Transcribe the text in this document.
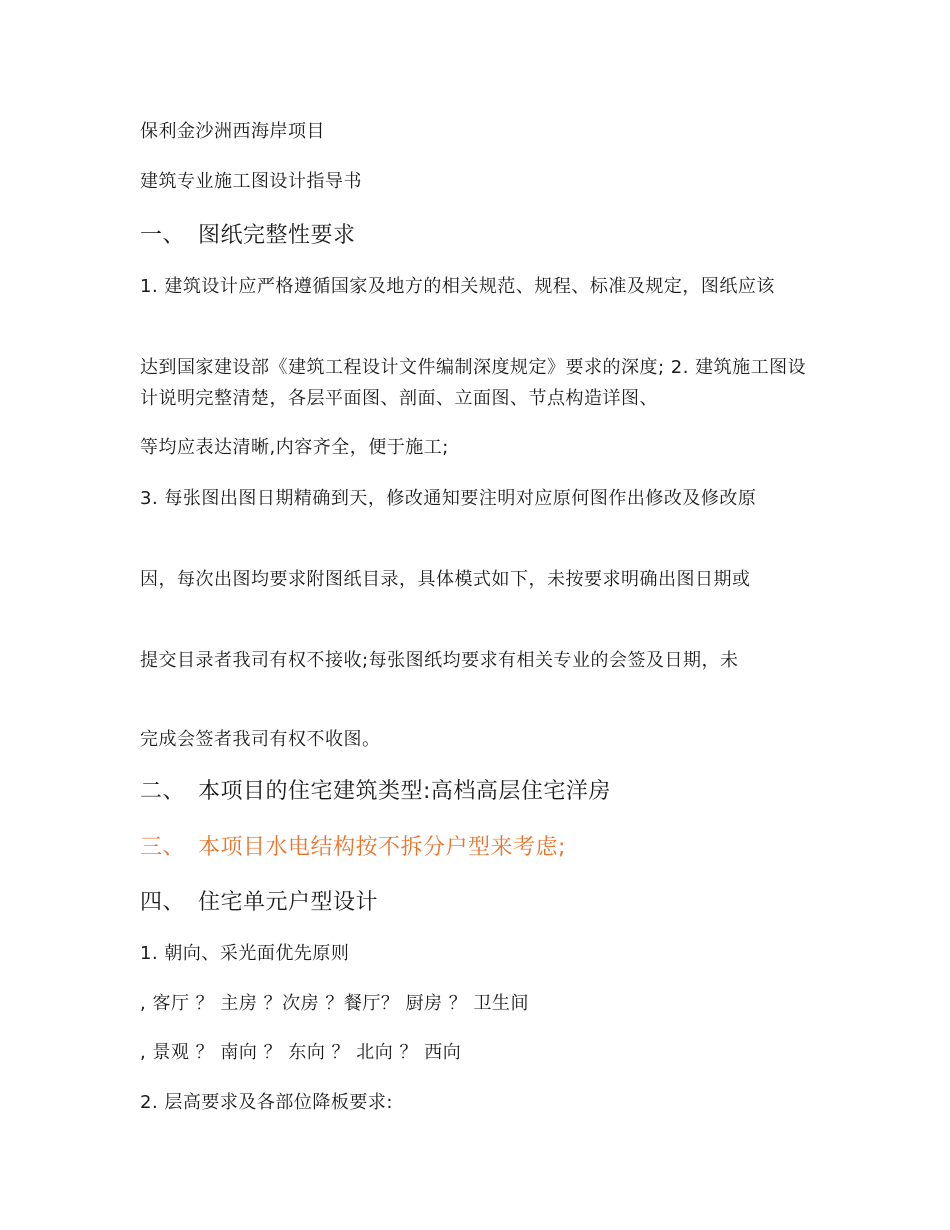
保利金沙洲西海岸项目
建筑专业施工图设计指导书
一、 图纸完整性要求
1. 建筑设计应严格遵循国家及地方的相关规范、规程、标准及规定，图纸应该
达到国家建设部《建筑工程设计文件编制深度规定》要求的深度; 2. 建筑施工图设计说明完整清楚，各层平面图、剖面、立面图、节点构造详图、
等均应表达清晰,内容齐全，便于施工;
3. 每张图出图日期精确到天，修改通知要注明对应原何图作出修改及修改原
因，每次出图均要求附图纸目录，具体模式如下，未按要求明确出图日期或
提交目录者我司有权不接收;每张图纸均要求有相关专业的会签及日期，未
完成会签者我司有权不收图。
二、 本项目的住宅建筑类型:高档高层住宅洋房
三、 本项目水电结构按不拆分户型来考虑;
四、 住宅单元户型设计
1. 朝向、采光面优先原则
, 客厅 ？ 主房 ？次房 ？餐厅？ 厨房 ？ 卫生间
, 景观 ？ 南向 ？ 东向 ？ 北向 ？ 西向
2. 层高要求及各部位降板要求:
